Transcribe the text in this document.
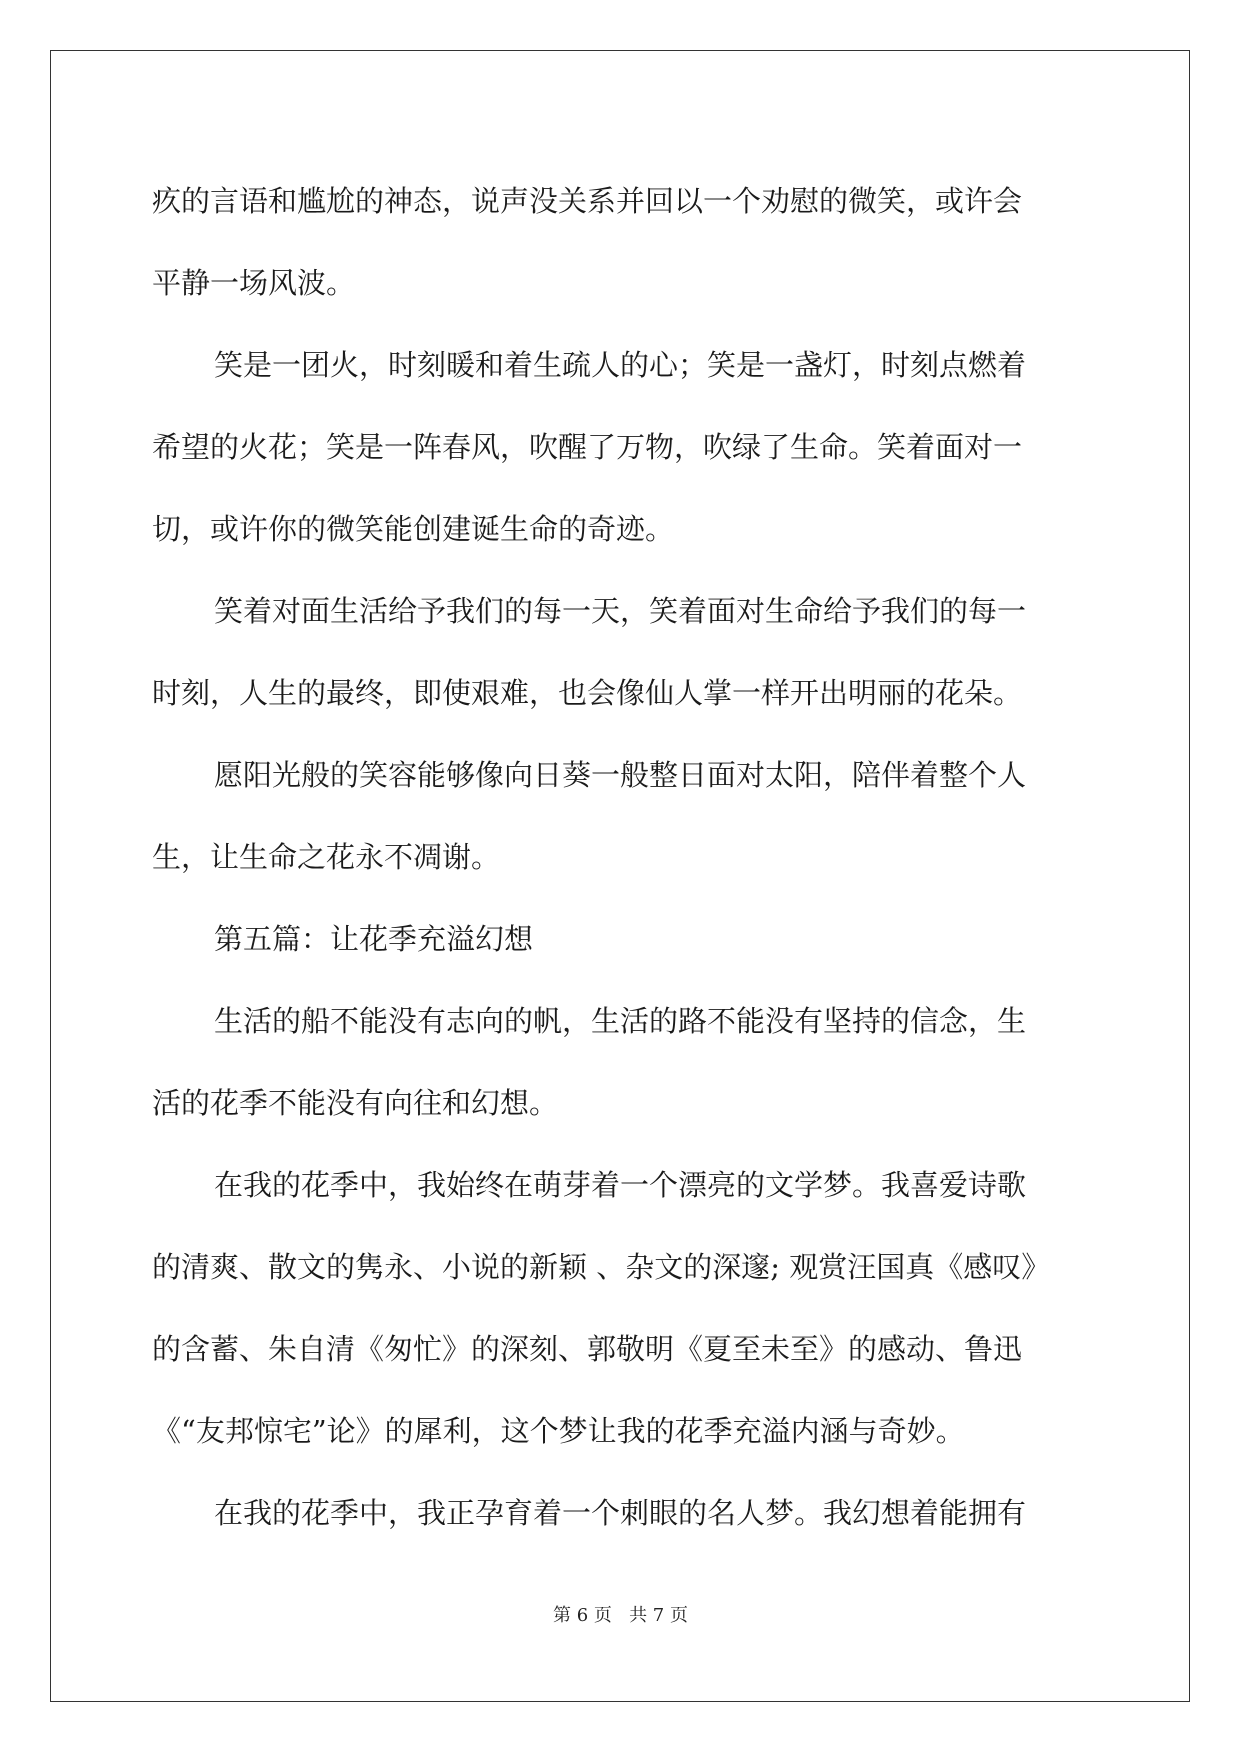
疚的言语和尴尬的神态，说声没关系并回以一个劝慰的微笑，或许会
平静一场风波。
笑是一团火，时刻暖和着生疏人的心；笑是一盏灯，时刻点燃着
希望的火花；笑是一阵春风，吹醒了万物，吹绿了生命。笑着面对一
切，或许你的微笑能创建诞生命的奇迹。
笑着对面生活给予我们的每一天，笑着面对生命给予我们的每一
时刻，人生的最终，即使艰难，也会像仙人掌一样开出明丽的花朵。
愿阳光般的笑容能够像向日葵一般整日面对太阳，陪伴着整个人
生，让生命之花永不凋谢。
第五篇：让花季充溢幻想
生活的船不能没有志向的帆，生活的路不能没有坚持的信念，生
活的花季不能没有向往和幻想。
在我的花季中，我始终在萌芽着一个漂亮的文学梦。我喜爱诗歌
的清爽、散文的隽永、小说的新颖 、杂文的深邃; 观赏汪国真《感叹》
的含蓄、朱自清《匆忙》的深刻、郭敬明《夏至未至》的感动、鲁迅
《“友邦惊宅”论》的犀利，这个梦让我的花季充溢内涵与奇妙。
在我的花季中，我正孕育着一个刺眼的名人梦。我幻想着能拥有
第 6 页 共 7 页
